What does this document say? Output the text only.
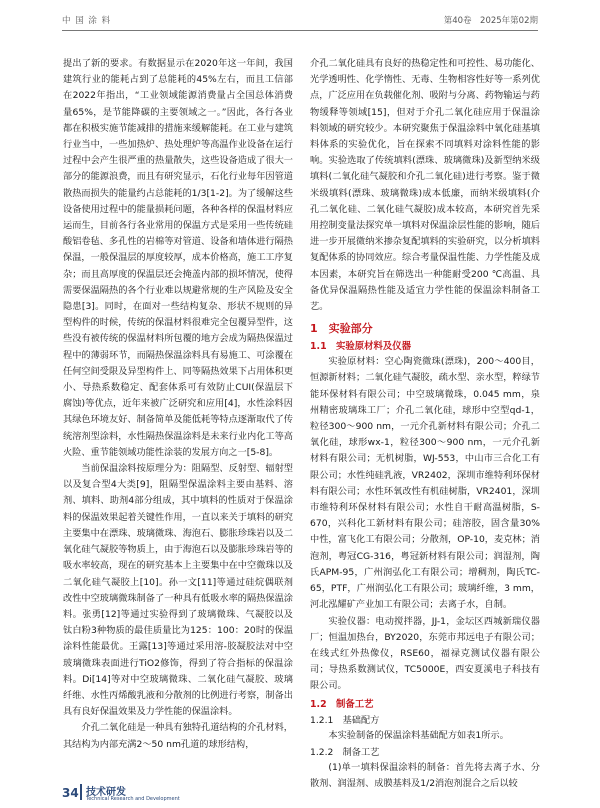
中 国 涂 料	第40卷　2025年第02期

提出了新的要求。有数据显示在2020年这一年间，我国建筑行业的能耗占到了总能耗的45%左右，而且工信部在2022年指出，“工业领域能源消费量占全国总体消费量65%，是节能降碳的主要领域之一。”因此，各行各业都在积极实施节能减排的措施来缓解能耗。在工业与建筑行业当中，一些加热炉、热处理炉等高温作业设备在运行过程中会产生很严重的热量散失，这些设备造成了很大一部分的能源浪费，而且有研究显示，石化行业每年因管道散热而损失的能量约占总能耗的1/3[1-2]。为了缓解这些设备使用过程中的能量损耗问题，各种各样的保温材料应运而生，目前各行各业常用的保温方式是采用一些传统硅酸铝卷毡、多孔性的岩棉等对管道、设备和墙体进行隔热保温，一般保温层的厚度较厚，成本价格高，施工工序复杂；而且高厚度的保温层还会掩盖内部的损坏情况，使得需要保温隔热的各个行业难以规避常规的生产风险及安全隐患[3]。同时，在面对一些结构复杂、形状不规则的异型构件的时候，传统的保温材料很难完全包覆异型件，这些没有被传统的保温材料所包覆的地方会成为隔热保温过程中的薄弱环节，而隔热保温涂料具有易施工、可涂覆在任何空间受限及异型构件上、同等隔热效果下占用体积更小、导热系数稳定、配套体系可有效防止CUI(保温层下腐蚀)等优点，近年来被广泛研究和应用[4]，水性涂料因其绿色环境友好、制备简单及能低耗等特点逐渐取代了传统溶剂型涂料，水性隔热保温涂料是未来行业内化工等高火险、重节能领域功能性涂装的发展方向之一[5-8]。

当前保温涂料按原理分为：阻隔型、反射型、辐射型以及复合型4大类[9]，阻隔型保温涂料主要由基料、溶剂、填料、助剂4部分组成，其中填料的性质对于保温涂料的保温效果起着关键性作用，一直以来关于填料的研究主要集中在漂珠、玻璃微珠、海泡石、膨胀珍珠岩以及二氧化硅气凝胶等物质上，由于海泡石以及膨胀珍珠岩等的吸水率较高，现在的研究基本上主要集中在中空微珠以及二氧化硅气凝胶上[10]。孙一文[11]等通过硅烷偶联剂改性中空玻璃微珠制备了一种具有低吸水率的隔热保温涂料。张勇[12]等通过实验得到了玻璃微珠、气凝胶以及钛白粉3种物质的最佳质量比为125：100：20时的保温涂料性能最优。王露[13]等通过采用溶-胶凝胶法对中空玻璃微珠表面进行TiO2修饰，得到了符合指标的保温涂料。Di[14]等对中空玻璃微珠、二氧化硅气凝胶、玻璃纤维、水性丙烯酸乳液和分散剂的比例进行考察，制备出具有良好保温效果及力学性能的保温涂料。

介孔二氧化硅是一种具有独特孔道结构的介孔材料，其结构为内部充满2～50 nm孔道的球形结构，

介孔二氧化硅具有良好的热稳定性和可控性、易功能化、光学透明性、化学惰性、无毒、生物相容性好等一系列优点，广泛应用在负载催化剂、吸附与分离、药物输运与药物缓释等领域[15]，但对于介孔二氧化硅应用于保温涂料领域的研究较少。本研究聚焦于保温涂料中氧化硅基填料体系的实验优化，旨在探索不同填料对涂料性能的影响。实验选取了传统填料(漂珠、玻璃微珠)及新型纳米级填料(二氧化硅气凝胶和介孔二氧化硅)进行考察。鉴于微米级填料(漂珠、玻璃微珠)成本低廉，而纳米级填料(介孔二氧化硅、二氧化硅气凝胶)成本较高，本研究首先采用控制变量法探究单一填料对保温涂层性能的影响，随后进一步开展微纳米掺杂复配填料的实验研究，以分析填料复配体系的协同效应。综合考量保温性能、力学性能及成本因素，本研究旨在筛选出一种能耐受200 ℃高温、具备优异保温隔热性能及适宜力学性能的保温涂料制备工艺。

1　实验部分
1.1　实验原材料及仪器

实验原材料：空心陶瓷微珠(漂珠)，200～400目，恒源新材料；二氧化硅气凝胶，疏水型、亲水型，粹绿节能环保材料有限公司；中空玻璃微珠，0.045 mm，泉州精密玻璃珠工厂；介孔二氧化硅，球形中空型qd-1，粒径300～900 nm，一元介孔新材料有限公司；介孔二氧化硅，球形wx-1，粒径300～900 nm，一元介孔新材料有限公司；无机树脂，WJ-553，中山市三合化工有限公司；水性纯硅乳液，VR2402，深圳市维特利环保材料有限公司；水性环氧改性有机硅树脂，VR2401，深圳市维特利环保材料有限公司；水性自干耐高温树脂，S-670，兴科化工新材料有限公司；硅溶胶，固含量30%中性，富飞化工有限公司；分散剂，OP-10，麦克林；消泡剂，粤冠CG-316，粤冠新材料有限公司；润湿剂，陶氏APM-95，广州润弘化工有限公司；增稠剂，陶氏TC-65，PTF，广州润弘化工有限公司；玻璃纤维，3 mm，河北泓耀矿产业加工有限公司；去离子水，自制。

实验仪器：电动搅拌器，JJ-1，金坛区西城新瑞仪器厂；恒温加热台，BY2020，东莞市邦远电子有限公司；在线式红外热像仪，RSE60，福禄克测试仪器有限公司；导热系数测试仪，TC5000E，西安夏溪电子科技有限公司。

1.2　制备工艺
1.2.1　基础配方

本实验制备的保温涂料基础配方如表1所示。

1.2.2　制备工艺

(1)单一填料保温涂料的制备：首先将去离子水、分散剂、润湿剂、成膜基料及1/2消泡剂混合之后以较

34 技术研发
Technical Research and Development
